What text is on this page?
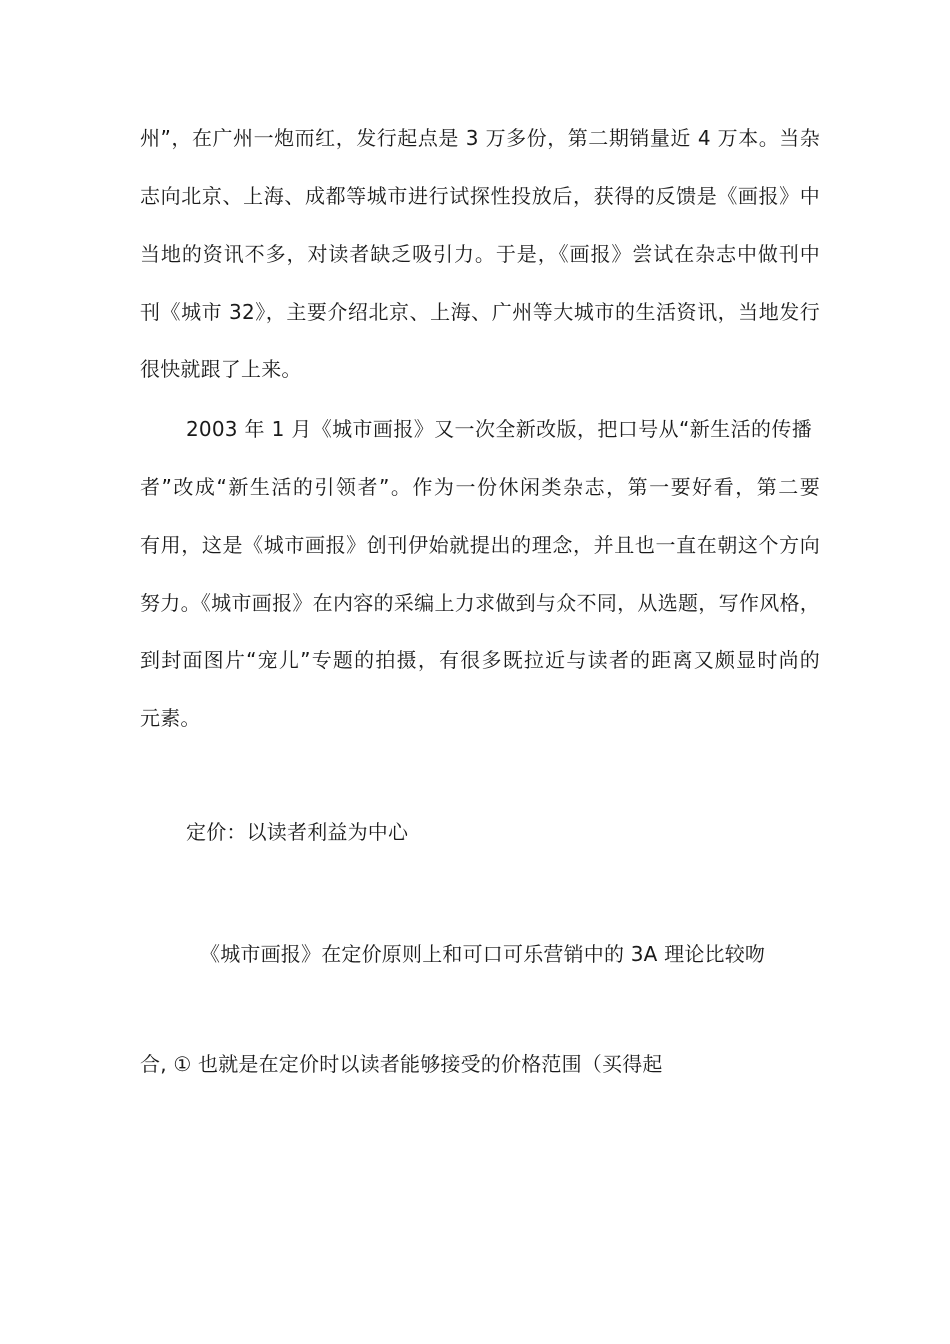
州”，在广州一炮而红，发行起点是 3 万多份，第二期销量近 4 万本。当杂
志向北京、上海、成都等城市进行试探性投放后，获得的反馈是《画报》中
当地的资讯不多，对读者缺乏吸引力。于是，《画报》尝试在杂志中做刊中
刊《城市 32》，主要介绍北京、上海、广州等大城市的生活资讯，当地发行
很快就跟了上来。
2003 年 1 月《城市画报》又一次全新改版，把口号从“新生活的传播
者”改成“新生活的引领者”。作为一份休闲类杂志，第一要好看，第二要
有用，这是《城市画报》创刊伊始就提出的理念，并且也一直在朝这个方向
努力。《城市画报》在内容的采编上力求做到与众不同，从选题，写作风格，
到封面图片“宠儿”专题的拍摄，有很多既拉近与读者的距离又颇显时尚的
元素。
定价：以读者利益为中心
《城市画报》在定价原则上和可口可乐营销中的 3A 理论比较吻
合, ① 也就是在定价时以读者能够接受的价格范围（买得起
